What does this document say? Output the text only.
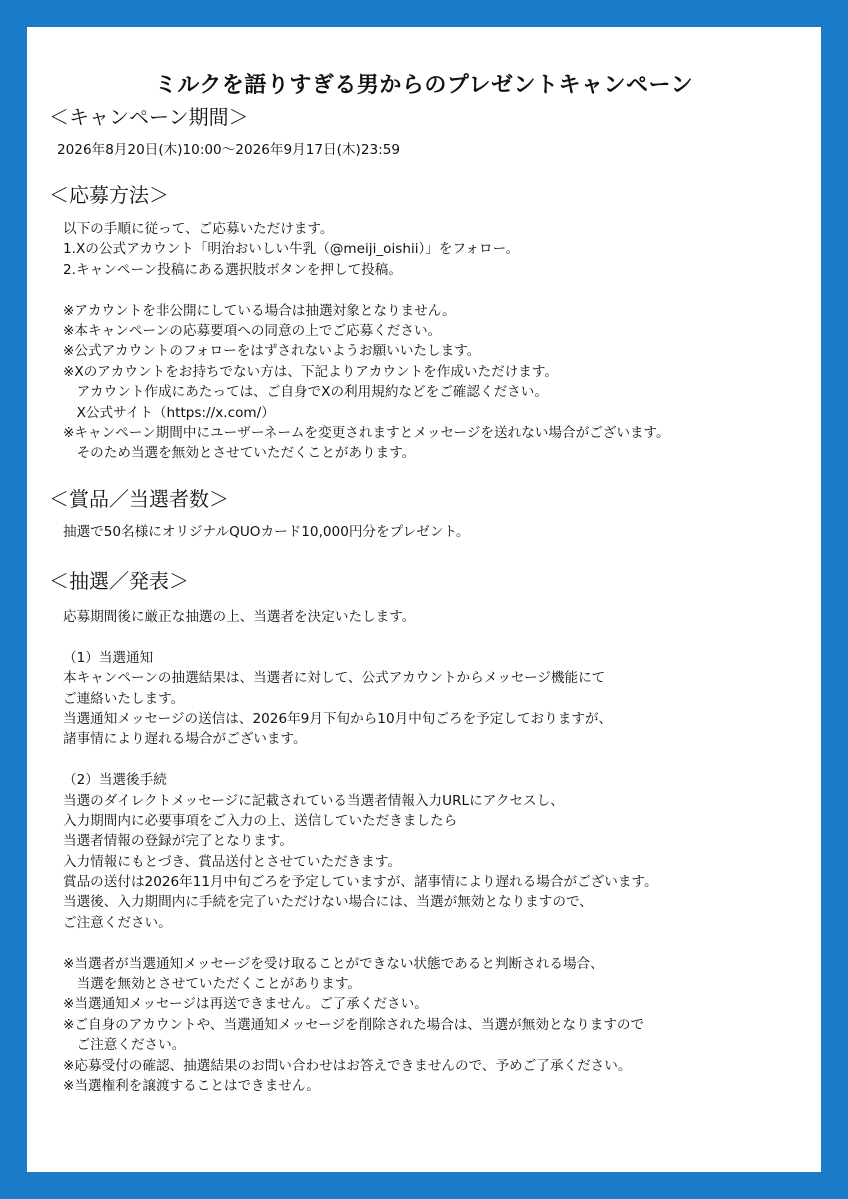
ミルクを語りすぎる男からのプレゼントキャンペーン
＜キャンペーン期間＞
2026年8月20日(木)10:00〜2026年9月17日(木)23:59
＜応募方法＞
以下の手順に従って、ご応募いただけます。
1.Xの公式アカウント「明治おいしい牛乳（@meiji_oishii）」をフォロー。
2.キャンペーン投稿にある選択肢ボタンを押して投稿。
※アカウントを非公開にしている場合は抽選対象となりません。
※本キャンペーンの応募要項への同意の上でご応募ください。
※公式アカウントのフォローをはずされないようお願いいたします。
※Xのアカウントをお持ちでない方は、下記よりアカウントを作成いただけます。
　アカウント作成にあたっては、ご自身でXの利用規約などをご確認ください。
　X公式サイト（https://x.com/）
※キャンペーン期間中にユーザーネームを変更されますとメッセージを送れない場合がございます。
　そのため当選を無効とさせていただくことがあります。
＜賞品／当選者数＞
抽選で50名様にオリジナルQUOカード10,000円分をプレゼント。
＜抽選／発表＞
応募期間後に厳正な抽選の上、当選者を決定いたします。
（1）当選通知
本キャンペーンの抽選結果は、当選者に対して、公式アカウントからメッセージ機能にて
ご連絡いたします。
当選通知メッセージの送信は、2026年9月下旬から10月中旬ごろを予定しておりますが、
諸事情により遅れる場合がございます。
（2）当選後手続
当選のダイレクトメッセージに記載されている当選者情報入力URLにアクセスし、
入力期間内に必要事項をご入力の上、送信していただきましたら
当選者情報の登録が完了となります。
入力情報にもとづき、賞品送付とさせていただきます。
賞品の送付は2026年11月中旬ごろを予定していますが、諸事情により遅れる場合がございます。
当選後、入力期間内に手続を完了いただけない場合には、当選が無効となりますので、
ご注意ください。
※当選者が当選通知メッセージを受け取ることができない状態であると判断される場合、
　当選を無効とさせていただくことがあります。
※当選通知メッセージは再送できません。ご了承ください。
※ご自身のアカウントや、当選通知メッセージを削除された場合は、当選が無効となりますので
　ご注意ください。
※応募受付の確認、抽選結果のお問い合わせはお答えできませんので、予めご了承ください。
※当選権利を譲渡することはできません。
